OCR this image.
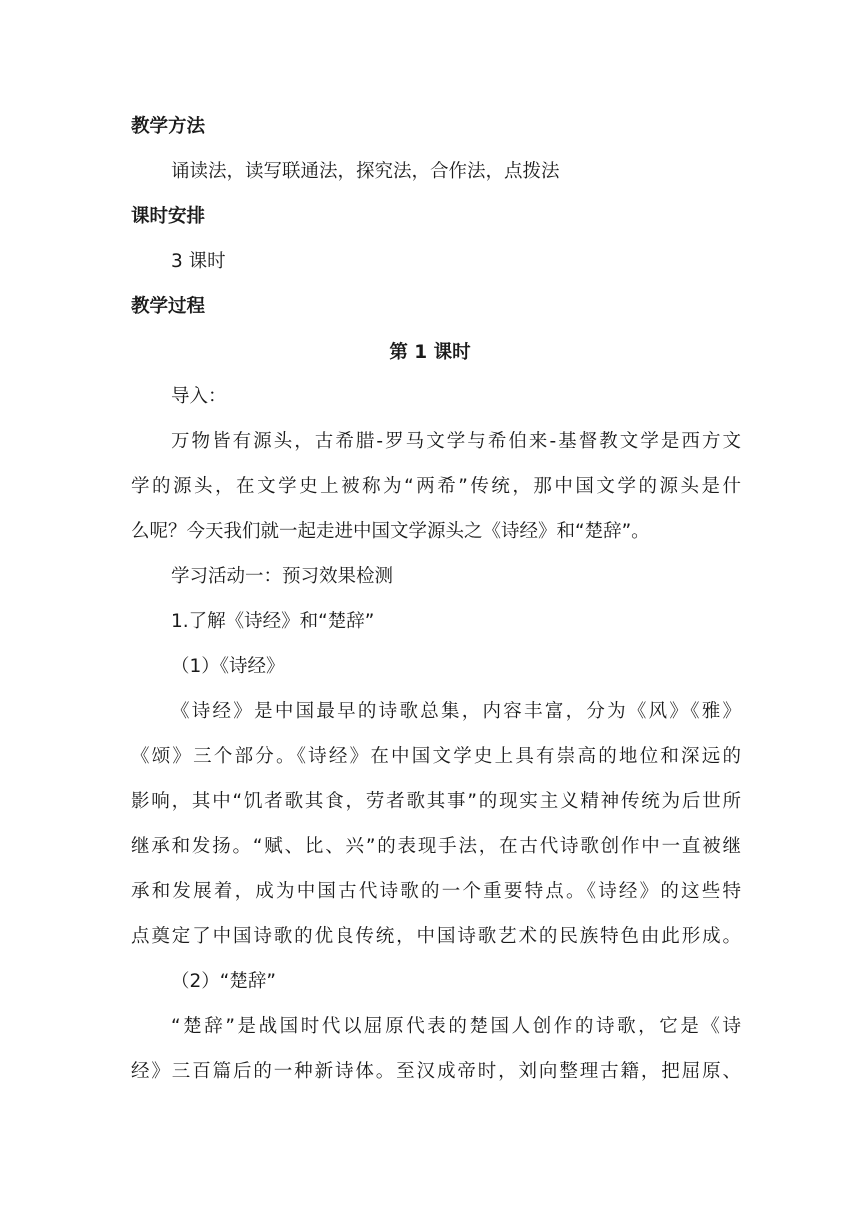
教学方法
诵读法，读写联通法，探究法，合作法，点拨法
课时安排
3 课时
教学过程
第 1 课时
导入：
万物皆有源头，古希腊-罗马文学与希伯来-基督教文学是西方文
学的源头，在文学史上被称为“两希”传统，那中国文学的源头是什
么呢？今天我们就一起走进中国文学源头之《诗经》和“楚辞”。
学习活动一：预习效果检测
1.了解《诗经》和“楚辞”
（1）《诗经》
《诗经》是中国最早的诗歌总集，内容丰富，分为《风》《雅》
《颂》三个部分。《诗经》在中国文学史上具有崇高的地位和深远的
影响，其中“饥者歌其食，劳者歌其事”的现实主义精神传统为后世所
继承和发扬。“赋、比、兴”的表现手法，在古代诗歌创作中一直被继
承和发展着，成为中国古代诗歌的一个重要特点。《诗经》的这些特
点奠定了中国诗歌的优良传统，中国诗歌艺术的民族特色由此形成。
（2）“楚辞”
“楚辞”是战国时代以屈原代表的楚国人创作的诗歌，它是《诗
经》三百篇后的一种新诗体。至汉成帝时，刘向整理古籍，把屈原、
